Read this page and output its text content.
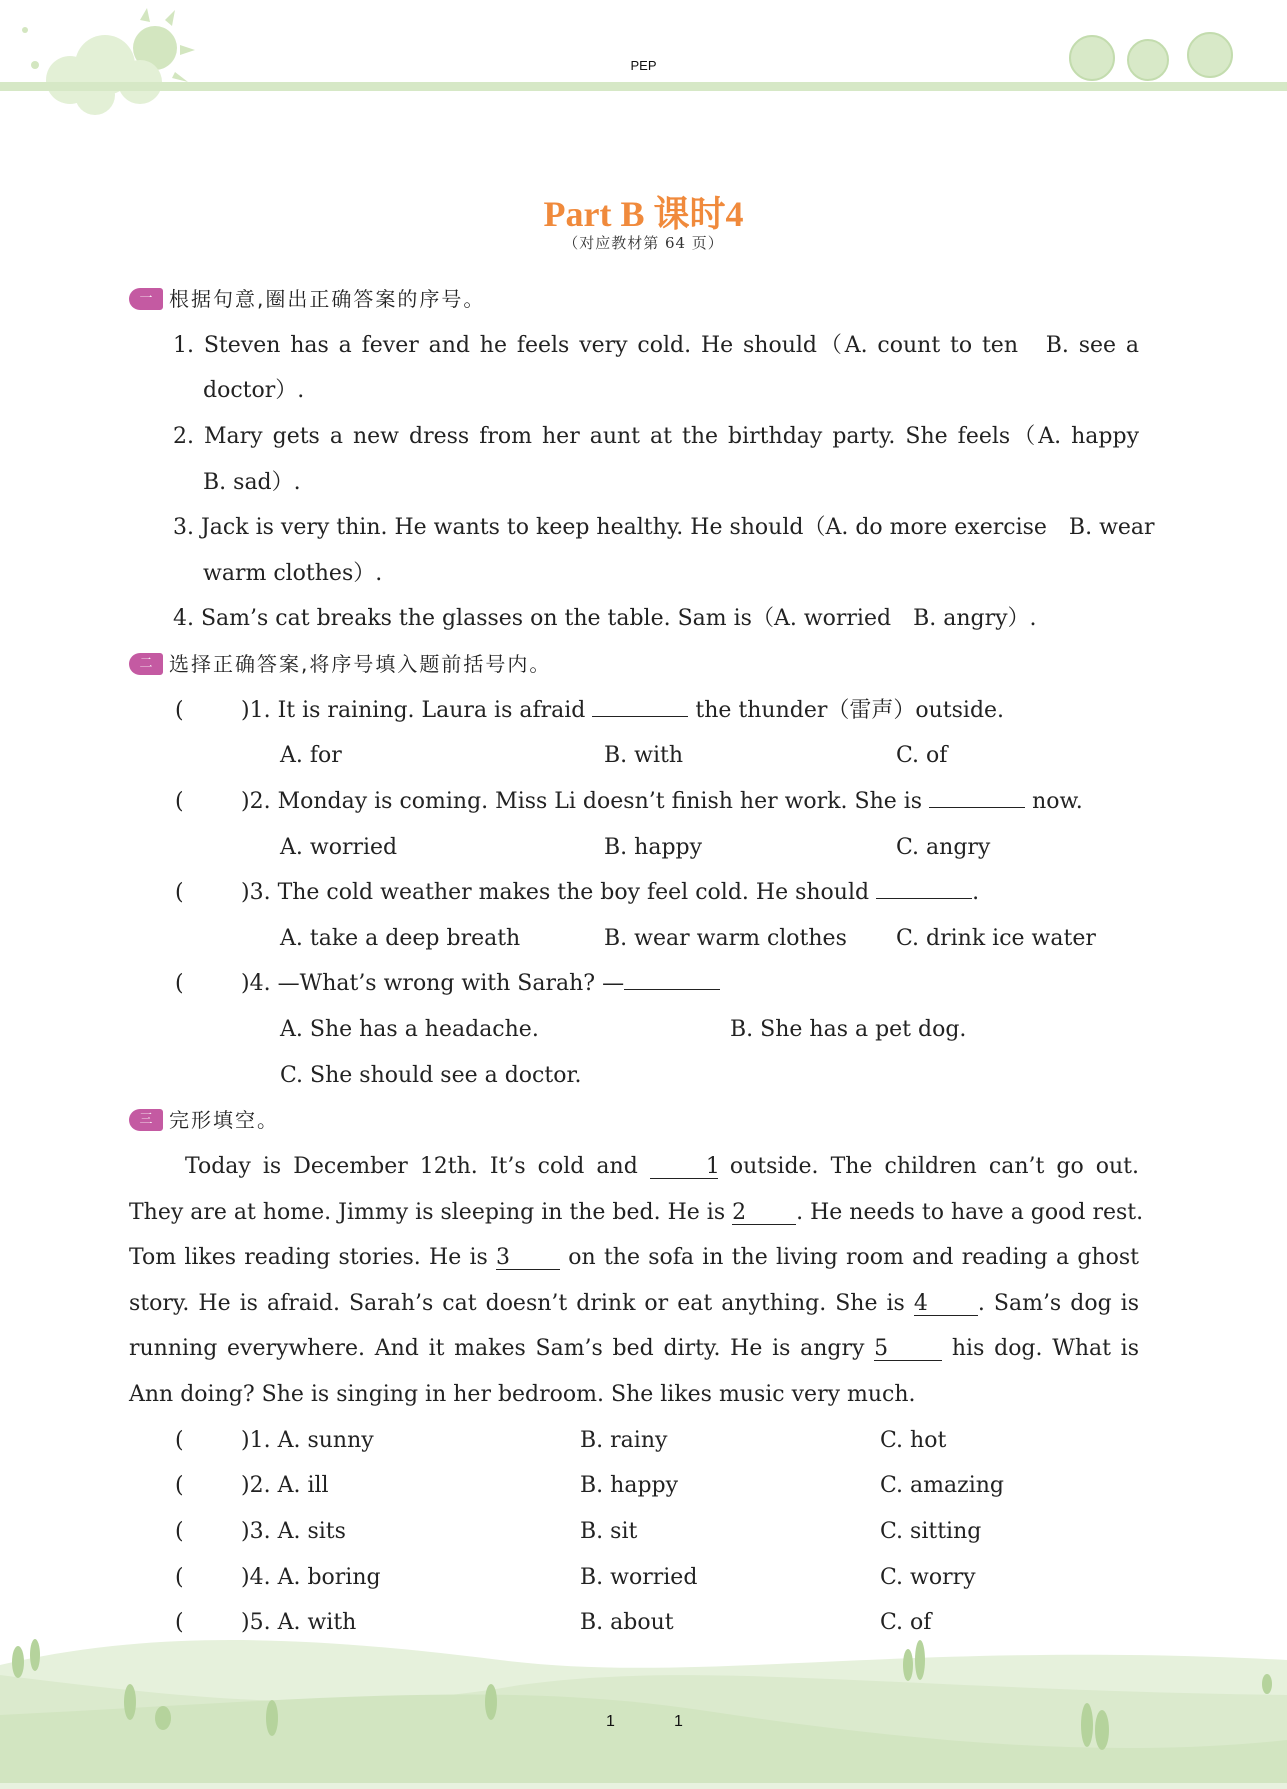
PEP
Part B 课时4
（对应教材第 64 页）
一 根据句意,圈出正确答案的序号。
1. Steven has a fever and he feels very cold. He should（A. count to ten　B. see a
doctor）.
2. Mary gets a new dress from her aunt at the birthday party. She feels（A. happy
B. sad）.
3. Jack is very thin. He wants to keep healthy. He should（A. do more exercise　B. wear
warm clothes）.
4. Sam’s cat breaks the glasses on the table. Sam is（A. worried　B. angry）.
二 选择正确答案,将序号填入题前括号内。
(	)1. It is raining. Laura is afraid	the thunder（雷声）outside.
A. for	B. with	C. of
(	)2. Monday is coming. Miss Li doesn’t finish her work. She is	now.
A. worried	B. happy	C. angry
(	)3. The cold weather makes the boy feel cold. He should	.
A. take a deep breath	B. wear warm clothes C. drink ice water
(	)4. —What’s wrong with Sarah? —
A. She has a headache.	B. She has a pet dog.
C. She should see a doctor.
三 完形填空。
Today is December 12th. It’s cold and	1 outside. The children can’t go out.
They are at home. Jimmy is sleeping in the bed. He is 2 . He needs to have a good rest.
Tom likes reading stories. He is 3 on the sofa in the living room and reading a ghost
story. He is afraid. Sarah’s cat doesn’t drink or eat anything. She is 4 . Sam’s dog is
running everywhere. And it makes Sam’s bed dirty. He is angry 5 his dog. What is
Ann doing? She is singing in her bedroom. She likes music very much.
(	)1. A. sunny	B. rainy	C. hot
(	)2. A. ill	B. happy	C. amazing
(	)3. A. sits	B. sit	C. sitting
(	)4. A. boring	B. worried	C. worry
(	)5. A. with	B. about	C. of
1	1
